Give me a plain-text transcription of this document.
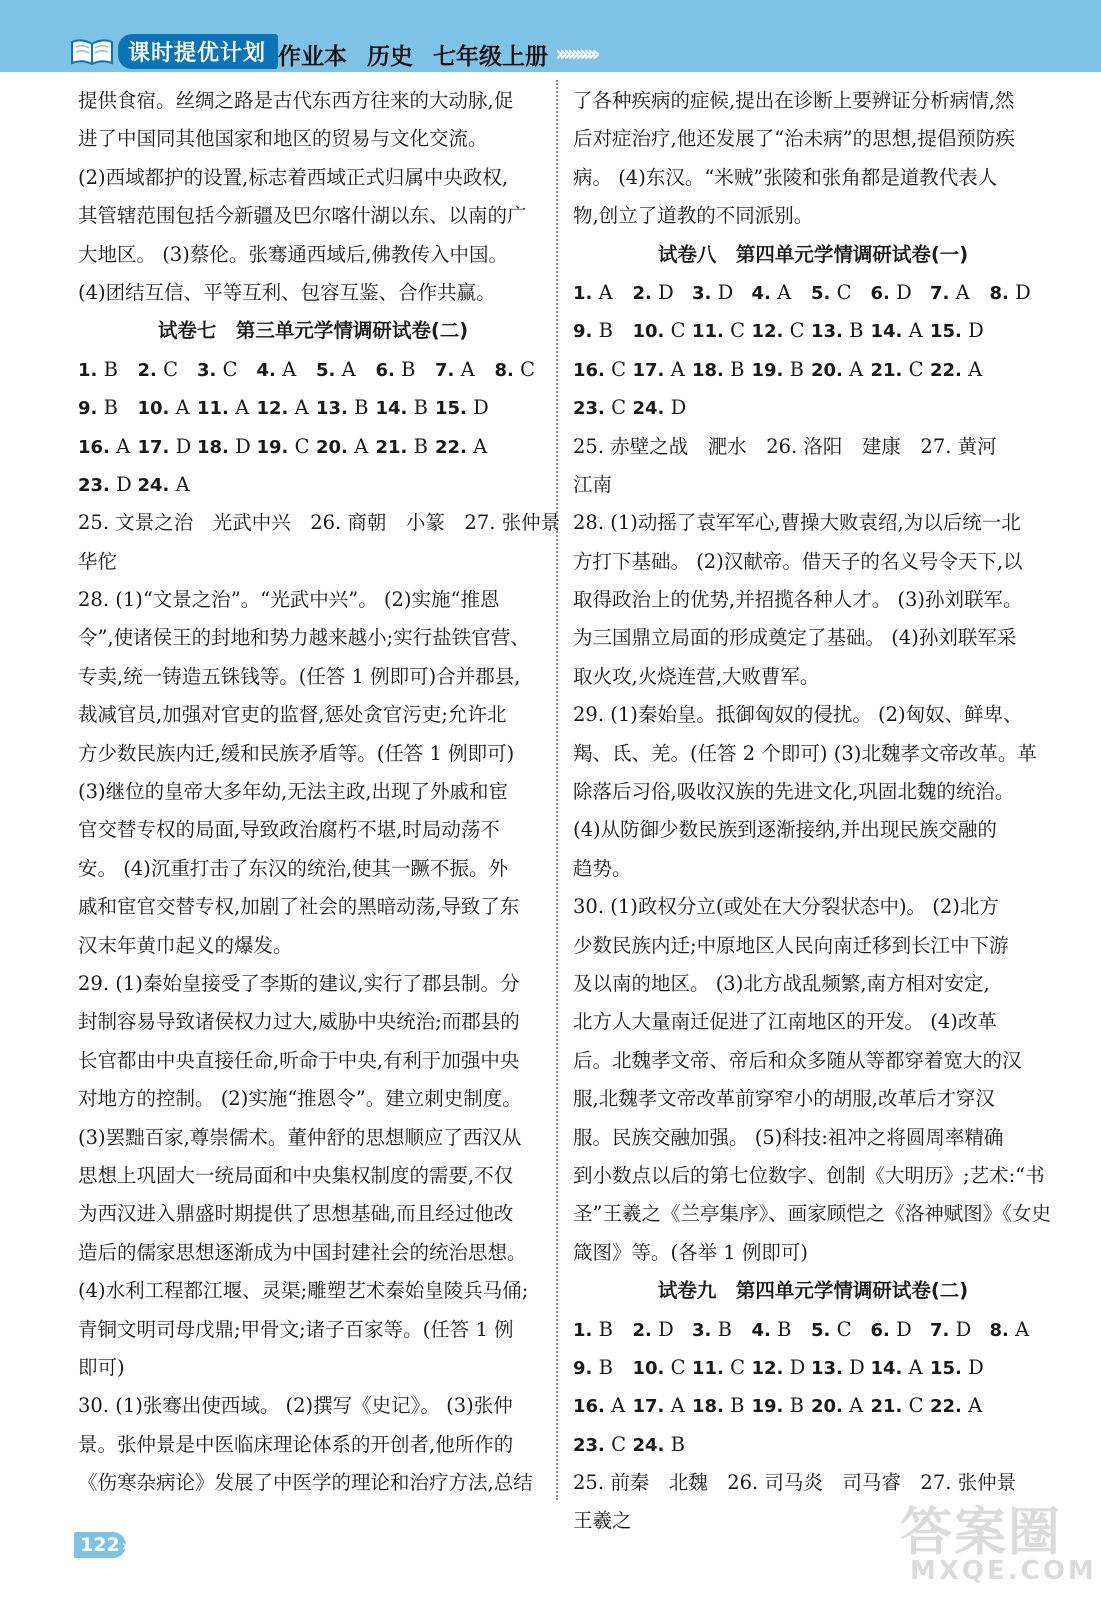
课时提优计划 作业本 历史 七年级上册 ››››››››››
提供食宿。丝绸之路是古代东西方往来的大动脉,促
进了中国同其他国家和地区的贸易与文化交流。
(2)西域都护的设置,标志着西域正式归属中央政权,
其管辖范围包括今新疆及巴尔喀什湖以东、以南的广
大地区。 (3)蔡伦。张骞通西域后,佛教传入中国。
(4)团结互信、平等互利、包容互鉴、合作共赢。
试卷七　第三单元学情调研试卷(二)
1. B	2. C	3. C	4. A	5. A	6. B	7. A	8. C
9. B	10. A 11. A 12. A 13. B 14. B 15. D
16. A 17. D 18. D 19. C 20. A 21. B 22. A
23. D 24. A
25. 文景之治　光武中兴　26. 商朝　小篆　27. 张仲景
华佗
28. (1)“文景之治”。“光武中兴”。 (2)实施“推恩
令”,使诸侯王的封地和势力越来越小;实行盐铁官营、
专卖,统一铸造五铢钱等。(任答 1 例即可)合并郡县,
裁减官员,加强对官吏的监督,惩处贪官污吏;允许北
方少数民族内迁,缓和民族矛盾等。(任答 1 例即可)
(3)继位的皇帝大多年幼,无法主政,出现了外戚和宦
官交替专权的局面,导致政治腐朽不堪,时局动荡不
安。 (4)沉重打击了东汉的统治,使其一蹶不振。外
戚和宦官交替专权,加剧了社会的黑暗动荡,导致了东
汉末年黄巾起义的爆发。
29. (1)秦始皇接受了李斯的建议,实行了郡县制。分
封制容易导致诸侯权力过大,威胁中央统治;而郡县的
长官都由中央直接任命,听命于中央,有利于加强中央
对地方的控制。 (2)实施“推恩令”。建立刺史制度。
(3)罢黜百家,尊崇儒术。董仲舒的思想顺应了西汉从
思想上巩固大一统局面和中央集权制度的需要,不仅
为西汉进入鼎盛时期提供了思想基础,而且经过他改
造后的儒家思想逐渐成为中国封建社会的统治思想。
(4)水利工程都江堰、灵渠;雕塑艺术秦始皇陵兵马俑;
青铜文明司母戊鼎;甲骨文;诸子百家等。(任答 1 例
即可)
30. (1)张骞出使西域。 (2)撰写《史记》。 (3)张仲
景。张仲景是中医临床理论体系的开创者,他所作的
《伤寒杂病论》发展了中医学的理论和治疗方法,总结
了各种疾病的症候,提出在诊断上要辨证分析病情,然
后对症治疗,他还发展了“治未病”的思想,提倡预防疾
病。 (4)东汉。“米贼”张陵和张角都是道教代表人
物,创立了道教的不同派别。
试卷八　第四单元学情调研试卷(一)
1. A	2. D	3. D	4. A	5. C	6. D	7. A	8. D
9. B	10. C 11. C 12. C 13. B 14. A 15. D
16. C 17. A 18. B 19. B 20. A 21. C 22. A
23. C 24. D
25. 赤壁之战　淝水　26. 洛阳　建康　27. 黄河
江南
28. (1)动摇了袁军军心,曹操大败袁绍,为以后统一北
方打下基础。 (2)汉献帝。借天子的名义号令天下,以
取得政治上的优势,并招揽各种人才。 (3)孙刘联军。
为三国鼎立局面的形成奠定了基础。 (4)孙刘联军采
取火攻,火烧连营,大败曹军。
29. (1)秦始皇。抵御匈奴的侵扰。 (2)匈奴、鲜卑、
羯、氐、羌。(任答 2 个即可) (3)北魏孝文帝改革。革
除落后习俗,吸收汉族的先进文化,巩固北魏的统治。
(4)从防御少数民族到逐渐接纳,并出现民族交融的
趋势。
30. (1)政权分立(或处在大分裂状态中)。 (2)北方
少数民族内迁;中原地区人民向南迁移到长江中下游
及以南的地区。 (3)北方战乱频繁,南方相对安定,
北方人大量南迁促进了江南地区的开发。 (4)改革
后。北魏孝文帝、帝后和众多随从等都穿着宽大的汉
服,北魏孝文帝改革前穿窄小的胡服,改革后才穿汉
服。民族交融加强。 (5)科技:祖冲之将圆周率精确
到小数点以后的第七位数字、创制《大明历》;艺术:“书
圣”王羲之《兰亭集序》、画家顾恺之《洛神赋图》《女史
箴图》等。(各举 1 例即可)
试卷九　第四单元学情调研试卷(二)
1. B	2. D	3. B	4. B	5. C	6. D	7. D	8. A
9. B	10. C 11. C 12. D 13. D 14. A 15. D
16. A 17. A 18. B 19. B 20. A 21. C 22. A
23. C 24. B
25. 前秦　北魏　26. 司马炎　司马睿　27. 张仲景
王羲之
122 »	答案圈
MXQE.COM
